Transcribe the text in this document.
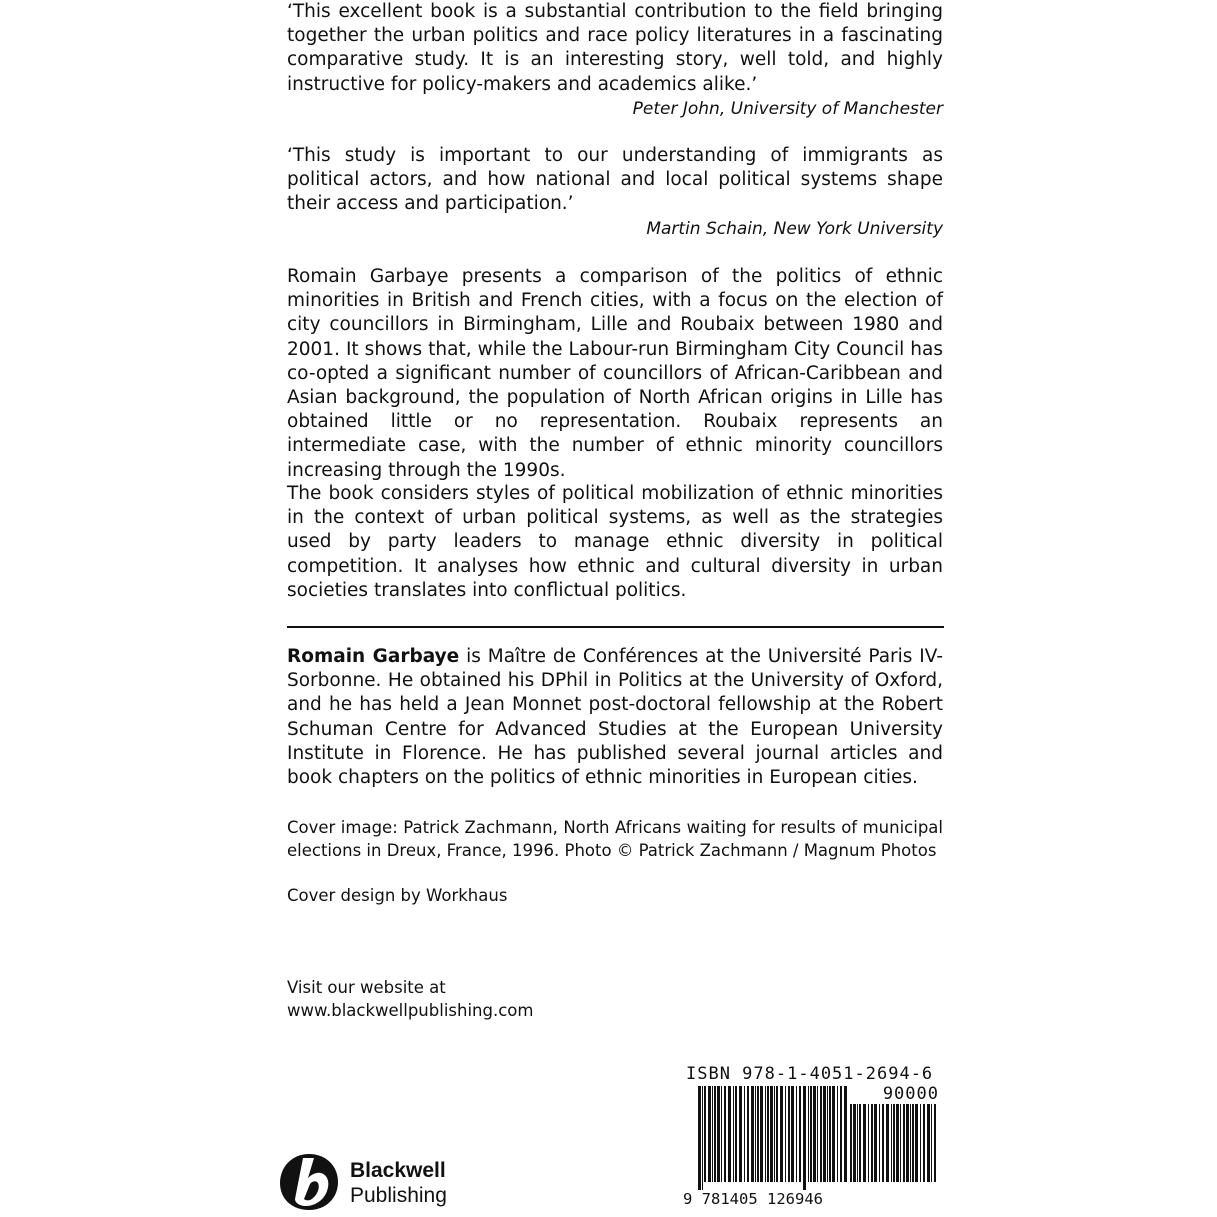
‘This excellent book is a substantial contribution to the field bringing together the urban politics and race policy literatures in a fascinating comparative study. It is an interesting story, well told, and highly instructive for policy-makers and academics alike.’

Peter John, University of Manchester

‘This study is important to our understanding of immigrants as political actors, and how national and local political systems shape their access and participation.’

Martin Schain, New York University

Romain Garbaye presents a comparison of the politics of ethnic minorities in British and French cities, with a focus on the election of city councillors in Birmingham, Lille and Roubaix between 1980 and 2001. It shows that, while the Labour-run Birmingham City Council has co-opted a significant number of councillors of African-Caribbean and Asian background, the population of North African origins in Lille has obtained little or no representation. Roubaix represents an intermediate case, with the number of ethnic minority councillors increasing through the 1990s.

The book considers styles of political mobilization of ethnic minorities in the context of urban political systems, as well as the strategies used by party leaders to manage ethnic diversity in political competition. It analyses how ethnic and cultural diversity in urban societies translates into conflictual politics.

Romain Garbaye is Maître de Conférences at the Université Paris IV-Sorbonne. He obtained his DPhil in Politics at the University of Oxford, and he has held a Jean Monnet post-doctoral fellowship at the Robert Schuman Centre for Advanced Studies at the European University Institute in Florence. He has published several journal articles and book chapters on the politics of ethnic minorities in European cities.

Cover image: Patrick Zachmann, North Africans waiting for results of municipal elections in Dreux, France, 1996. Photo © Patrick Zachmann / Magnum Photos

Cover design by Workhaus

Visit our website at

www.blackwellpublishing.com

ISBN 978-1-4051-2694-6
90000
9 781405 126946
Blackwell
Publishing
